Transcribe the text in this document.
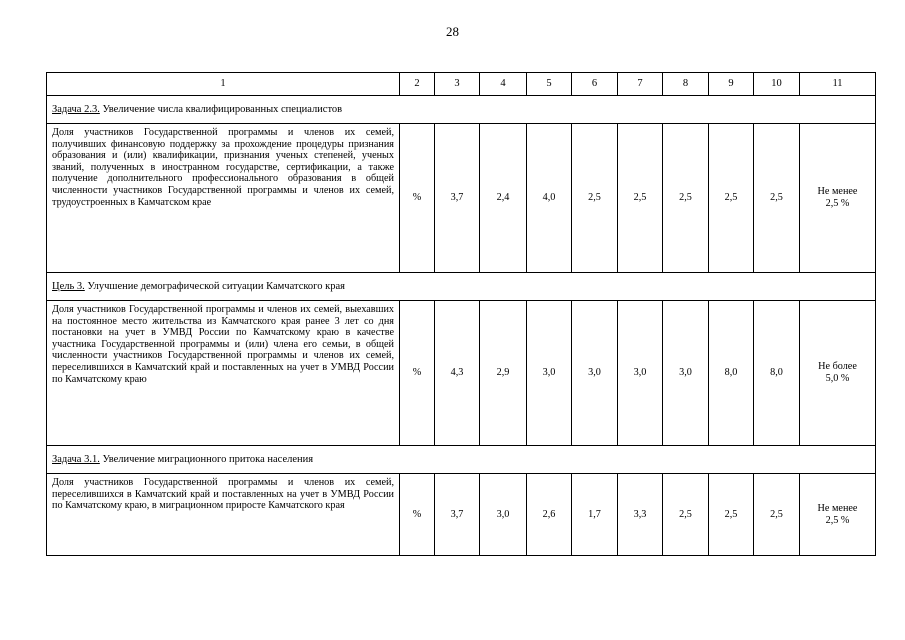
28
1	2	3	4	5	6	7	8	9	10	11
Задача 2.3. Увеличение числа квалифицированных специалистов										
Доля участников Государственной программы и членов их семей, получивших финансовую поддержку за прохождение процедуры признания образования и (или) квалификации, признания ученых степеней, ученых званий, полученных в иностранном государстве, сертификации, а также получение дополнительного профессионального образования в общей численности участников Государственной программы и членов их семей, трудоустроенных в Камчатском крае	%	3,7	2,4	4,0	2,5	2,5	2,5	2,5	2,5	Не менее
2,5 %
Цель 3. Улучшение демографической ситуации Камчатского края										
Доля участников Государственной программы и членов их семей, выехавших на постоянное место жительства из Камчатского края ранее 3 лет со дня постановки на учет в УМВД России по Камчатскому краю в качестве участника Государственной программы и (или) члена его семьи, в общей численности участников Государственной программы и членов их семей, переселившихся в Камчатский край и поставленных на учет в УМВД России по Камчатскому краю	%	4,3	2,9	3,0	3,0	3,0	3,0	8,0	8,0	Не более
5,0 %
Задача 3.1. Увеличение миграционного притока населения										
Доля участников Государственной программы и членов их семей, переселившихся в Камчатский край и поставленных на учет в УМВД России по Камчатскому краю, в миграционном приросте Камчатского края	%	3,7	3,0	2,6	1,7	3,3	2,5	2,5	2,5	Не менее
2,5 %
